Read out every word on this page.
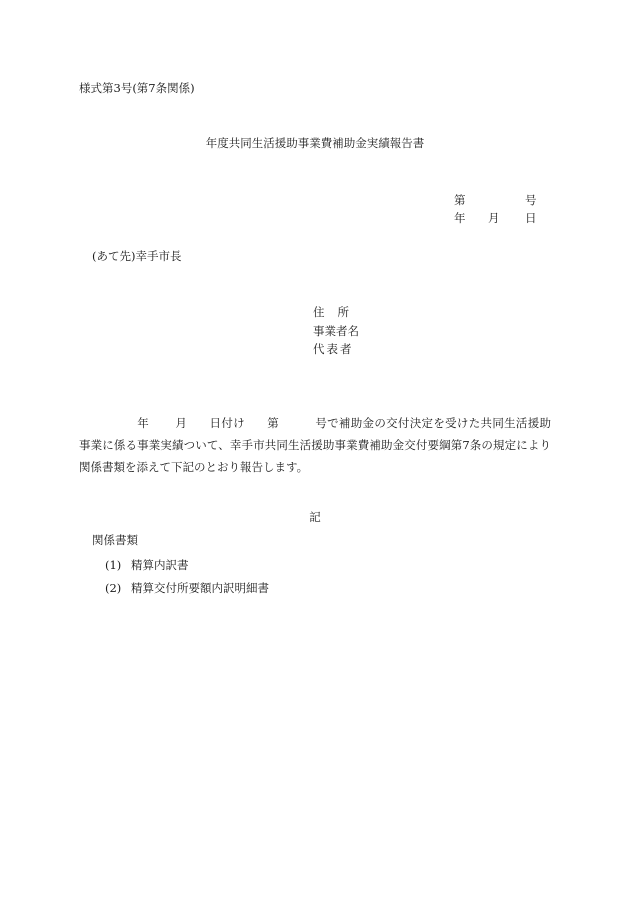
様式第3号(第7条関係)
年度共同生活援助事業費補助金実績報告書
第	号
年 月 日
(あて先)幸手市長
住所
事業者名
代表者
年 月 日付け 第	号で補助金の交付決定を受けた共同生活援助事業に係る事業実績ついて、幸手市共同生活援助事業費補助金交付要綱第7条の規定により関係書類を添えて下記のとおり報告します。
記
関係書類
(1) 精算内訳書
(2) 精算交付所要額内訳明細書
